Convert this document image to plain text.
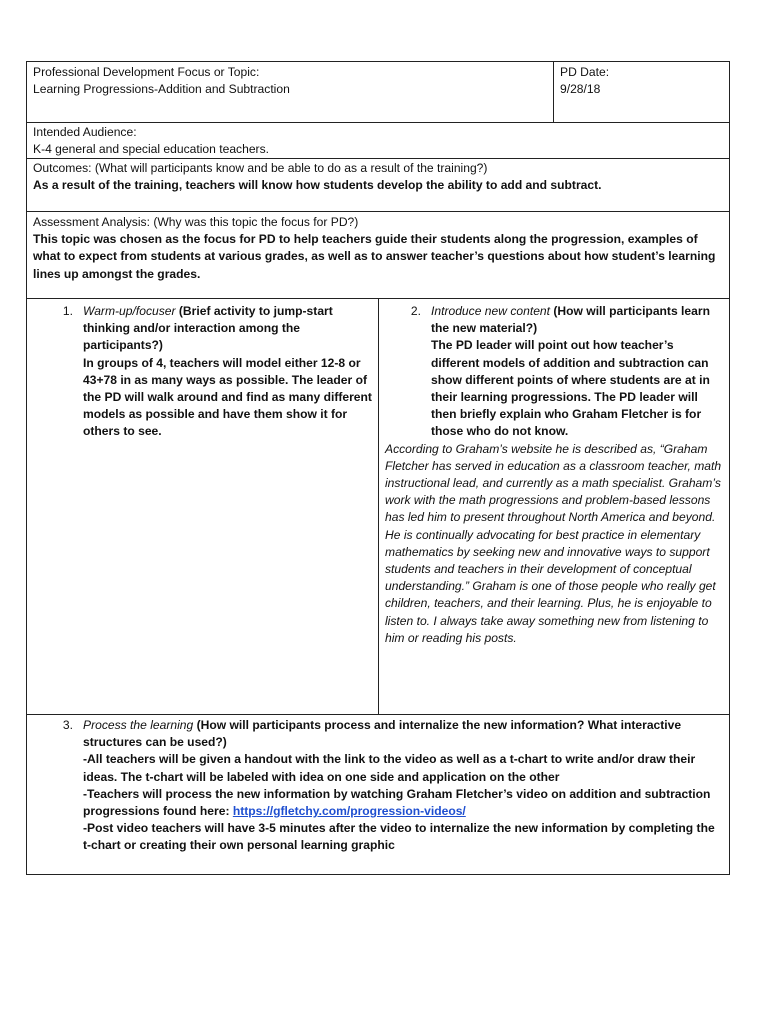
Professional Development Focus or Topic:
Learning Progressions-Addition and Subtraction
PD Date:
9/28/18
Intended Audience:
K-4 general and special education teachers.
Outcomes: (What will participants know and be able to do as a result of the training?)
As a result of the training, teachers will know how students develop the ability to add and subtract.
Assessment Analysis: (Why was this topic the focus for PD?)
This topic was chosen as the focus for PD to help teachers guide their students along the progression, examples of what to expect from students at various grades, as well as to answer teacher’s questions about how student’s learning lines up amongst the grades.
1. Warm-up/focuser (Brief activity to jump-start thinking and/or interaction among the participants?)
In groups of 4, teachers will model either 12-8 or 43+78 in as many ways as possible. The leader of the PD will walk around and find as many different models as possible and have them show it for others to see.
2. Introduce new content (How will participants learn the new material?)
The PD leader will point out how teacher’s different models of addition and subtraction can show different points of where students are at in their learning progressions. The PD leader will then briefly explain who Graham Fletcher is for those who do not know.
According to Graham’s website he is described as, “Graham Fletcher has served in education as a classroom teacher, math instructional lead, and currently as a math specialist. Graham’s work with the math progressions and problem-based lessons has led him to present throughout North America and beyond.
He is continually advocating for best practice in elementary mathematics by seeking new and innovative ways to support students and teachers in their development of conceptual understanding.” Graham is one of those people who really get children, teachers, and their learning. Plus, he is enjoyable to listen to. I always take away something new from listening to him or reading his posts.
3. Process the learning (How will participants process and internalize the new information? What interactive structures can be used?)
-All teachers will be given a handout with the link to the video as well as a t-chart to write and/or draw their ideas. The t-chart will be labeled with idea on one side and application on the other
-Teachers will process the new information by watching Graham Fletcher’s video on addition and subtraction progressions found here: https://gfletchy.com/progression-videos/
-Post video teachers will have 3-5 minutes after the video to internalize the new information by completing the t-chart or creating their own personal learning graphic
